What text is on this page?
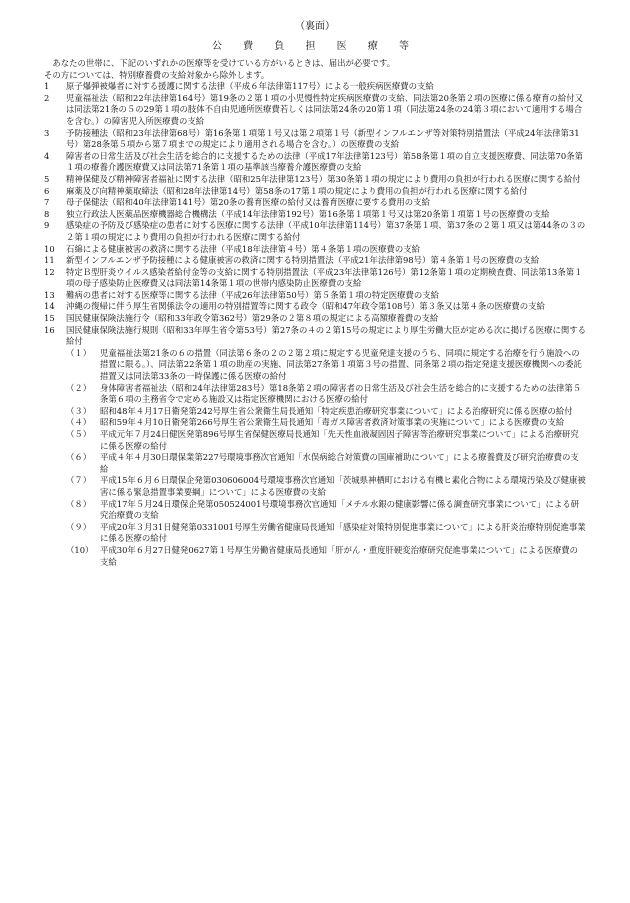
（裏面）
公 費 負 担 医 療 等

あなたの世帯に、下記のいずれかの医療等を受けている方がいるときは、届出が必要です。

その方については、特別療養費の支給対象から除外します。

1	原子爆弾被爆者に対する援護に関する法律（平成６年法律第117号）による一般疾病医療費の支給
2	児童福祉法（昭和22年法律第164号）第19条の２第１項の小児慢性特定疾病医療費の支給、同法第20条第２項の医療に係る療育の給付又は同法第21条の５の29第１項の肢体不自由児通所医療費若しくは同法第24条の20第１項（同法第24条の24第３項において適用する場合を含む。）の障害児入所医療費の支給
3	予防接種法（昭和23年法律第68号）第16条第１項第１号又は第２項第１号（新型インフルエンザ等対策特別措置法（平成24年法律第31号）第28条第５項から第７項までの規定により適用される場合を含む。）の医療費の支給
4	障害者の日常生活及び社会生活を総合的に支援するための法律（平成17年法律第123号）第58条第１項の自立支援医療費、同法第70条第１項の療養介護医療費又は同法第71条第１項の基準該当療養介護医療費の支給
5	精神保健及び精神障害者福祉に関する法律（昭和25年法律第123号）第30条第１項の規定により費用の負担が行われる医療に関する給付
6	麻薬及び向精神薬取締法（昭和28年法律第14号）第58条の17第１項の規定により費用の負担が行われる医療に関する給付
7	母子保健法（昭和40年法律第141号）第20条の養育医療の給付又は養育医療に要する費用の支給
8	独立行政法人医薬品医療機器総合機構法（平成14年法律第192号）第16条第１項第１号又は第20条第１項第１号の医療費の支給
9	感染症の予防及び感染症の患者に対する医療に関する法律（平成10年法律第114号）第37条第１項、第37条の２第１項又は第44条の３の２第１項の規定により費用の負担が行われる医療に関する給付
10	石綿による健康被害の救済に関する法律（平成18年法律第４号）第４条第１項の医療費の支給
11	新型インフルエンザ予防接種による健康被害の救済に関する特別措置法（平成21年法律第98号）第４条第１号の医療費の支給
12	特定Ｂ型肝炎ウイルス感染者給付金等の支給に関する特別措置法（平成23年法律第126号）第12条第１項の定期検査費、同法第13条第１項の母子感染防止医療費又は同法第14条第１項の世帯内感染防止医療費の支給
13	難病の患者に対する医療等に関する法律（平成26年法律第50号）第５条第１項の特定医療費の支給
14	沖縄の復帰に伴う厚生省関係法令の適用の特別措置等に関する政令（昭和47年政令第108号）第３条又は第４条の医療費の支給
15	国民健康保険法施行令（昭和33年政令第362号）第29条の２第８項の規定による高額療養費の支給
16	国民健康保険法施行規則（昭和33年厚生省令第53号）第27条の４の２第15号の規定により厚生労働大臣が定める次に掲げる医療に関する給付
（１）	児童福祉法第21条の６の措置（同法第６条の２の２第２項に規定する児童発達支援のうち、同項に規定する治療を行う施設への措置に限る。）、同法第22条第１項の助産の実施、同法第27条第１項第３号の措置、同条第２項の指定発達支援医療機関への委託措置又は同法第33条の一時保護に係る医療の給付
（２）	身体障害者福祉法（昭和24年法律第283号）第18条第２項の障害者の日常生活及び社会生活を総合的に支援するための法律第５条第６項の主務省令で定める施設又は指定医療機関における医療の給付
（３）	昭和48年４月17日衛発第242号厚生省公衆衛生局長通知「特定疾患治療研究事業について」による治療研究に係る医療の給付
（４）	昭和59年４月10日衛発第266号厚生省公衆衛生局長通知「毒ガス障害者救済対策事業の実施について」による医療費の支給
（５）	平成元年７月24日健医発第896号厚生省保健医療局長通知「先天性血液凝固因子障害等治療研究事業について」による治療研究に係る医療の給付
（６）	平成４年４月30日環保業第227号環境事務次官通知「水俣病総合対策費の国庫補助について」による療養費及び研究治療費の支給
（７）	平成15年６月６日環保企発第030606004号環境事務次官通知「茨城県神栖町における有機ヒ素化合物による環境汚染及び健康被害に係る緊急措置事業要綱」について」による医療費の支給
（８）	平成17年５月24日環保企発第050524001号環境事務次官通知「メチル水銀の健康影響に係る調査研究事業について」による研究治療費の支給
（９）	平成20年３月31日健発第0331001号厚生労働省健康局長通知「感染症対策特別促進事業について」による肝炎治療特別促進事業に係る医療の給付
（10） 平成30年６月27日健発0627第１号厚生労働省健康局長通知「肝がん・重度肝硬変治療研究促進事業について」による医療費の支給
